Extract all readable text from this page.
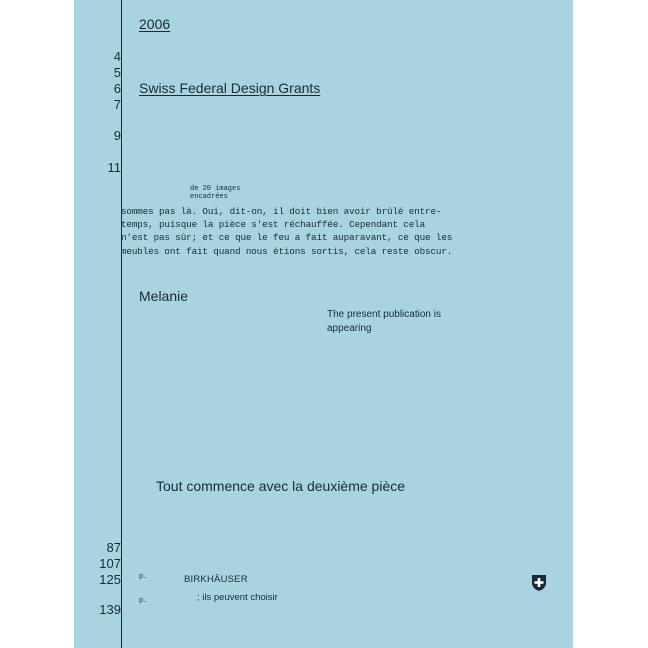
4
5
6
7
9
11
2006
Swiss Federal Design Grants
de 20 images
encadrées
sommes pas là. Oui, dit-on, il doit bien avoir brûlé entre-
temps, puisque la pièce s'est réchauffée. Cependant cela
n'est pas sûr; et ce que le feu a fait auparavant, ce que les
meubles ont fait quand nous étions sortis, cela reste obscur.
Melanie
The present publication is
appearing
Tout commence avec la deuxième pièce
87
107
125
139
p.
p.
BIRKHÄUSER
; ils peuvent choisir
